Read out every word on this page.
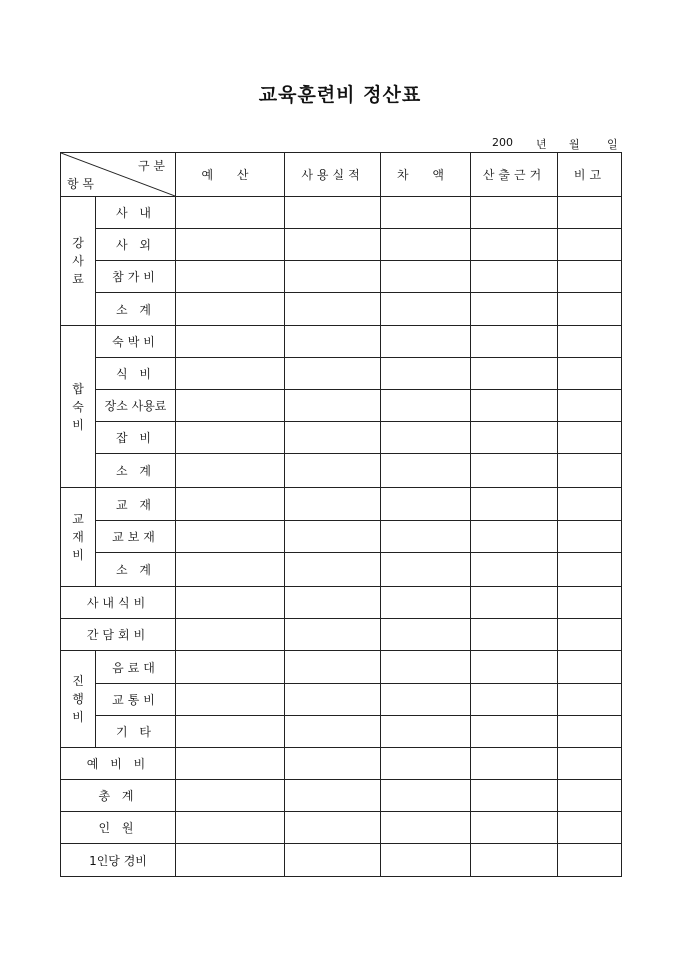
교육훈련비 정산표
200 년 월 일
구 분
항 목		예 산	사용실적	차 액	산출근거	비고

강
사
료	사 내					
	사 외					
	참가비					
	소 계					

합
숙
비	숙박비					
	식 비					
	장소 사용료					
	잡 비					
	소 계					

교
재
비	교 재					
	교보재					
	소 계					
사내식비						
간담회비						

진
행
비	음료대					
	교통비					
	기 타					
예 비 비						
총 계						
인 원						
1인당 경비						
